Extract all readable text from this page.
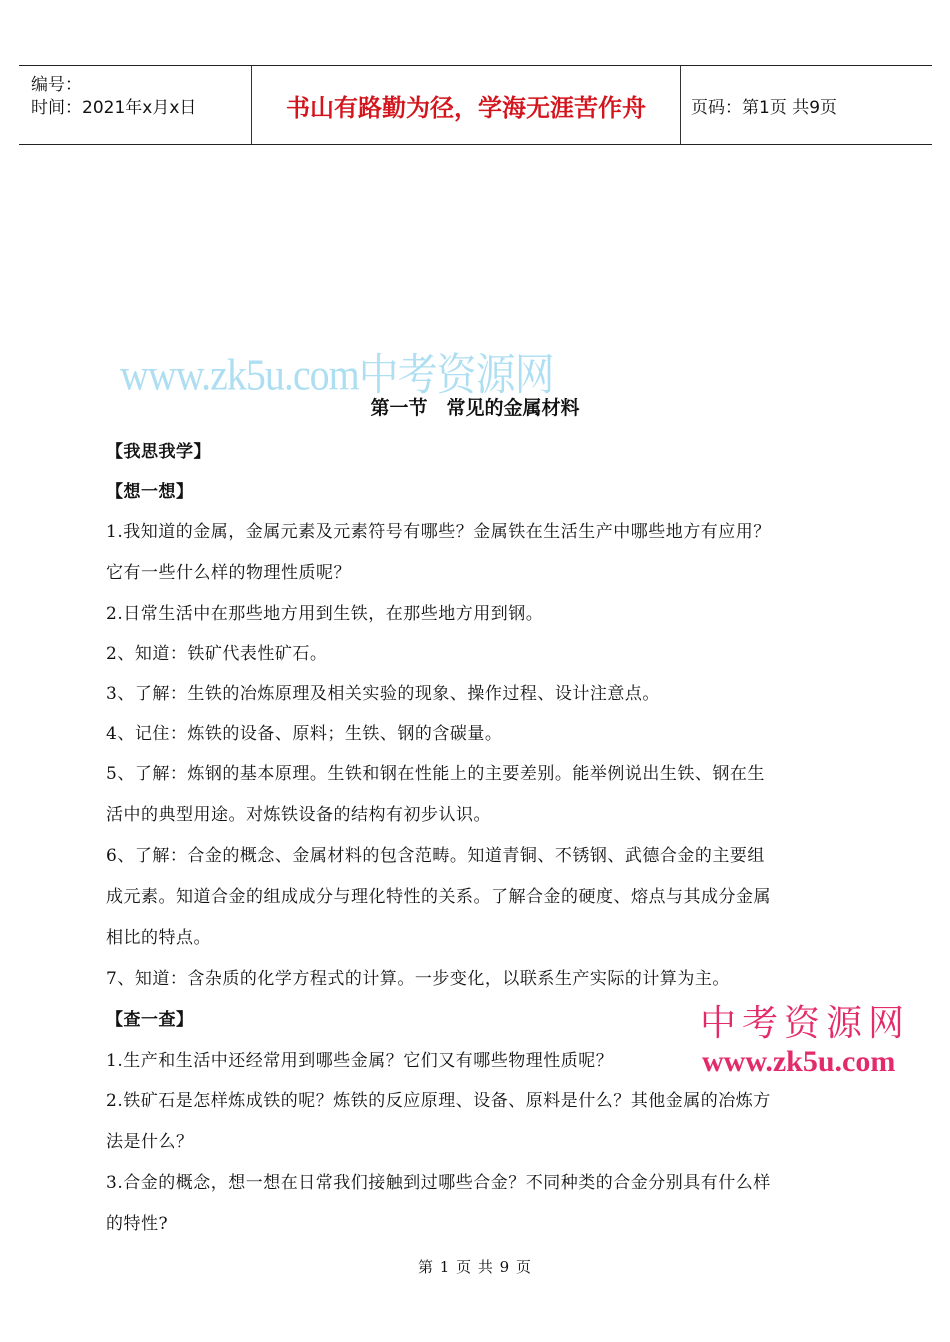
编号：
时间：2021年x月x日	书山有路勤为径，学海无涯苦作舟	页码：第1页 共9页
www.zk5u.com中考资源网
第一节　常见的金属材料
【我思我学】
【想一想】
1.我知道的金属，金属元素及元素符号有哪些？金属铁在生活生产中哪些地方有应用？
它有一些什么样的物理性质呢？
2.日常生活中在那些地方用到生铁，在那些地方用到钢。
2、知道：铁矿代表性矿石。
3、了解：生铁的冶炼原理及相关实验的现象、操作过程、设计注意点。
4、记住：炼铁的设备、原料；生铁、钢的含碳量。
5、了解：炼钢的基本原理。生铁和钢在性能上的主要差别。能举例说出生铁、钢在生
活中的典型用途。对炼铁设备的结构有初步认识。
6、了解：合金的概念、金属材料的包含范畴。知道青铜、不锈钢、武德合金的主要组
成元素。知道合金的组成成分与理化特性的关系。了解合金的硬度、熔点与其成分金属
相比的特点。
7、知道：含杂质的化学方程式的计算。一步变化，以联系生产实际的计算为主。
【查一查】
1.生产和生活中还经常用到哪些金属？它们又有哪些物理性质呢？
2.铁矿石是怎样炼成铁的呢？炼铁的反应原理、设备、原料是什么？其他金属的冶炼方
法是什么？
3.合金的概念，想一想在日常我们接触到过哪些合金？不同种类的合金分别具有什么样
的特性?
中考资源网
www.zk5u.com
第 1 页 共 9 页
